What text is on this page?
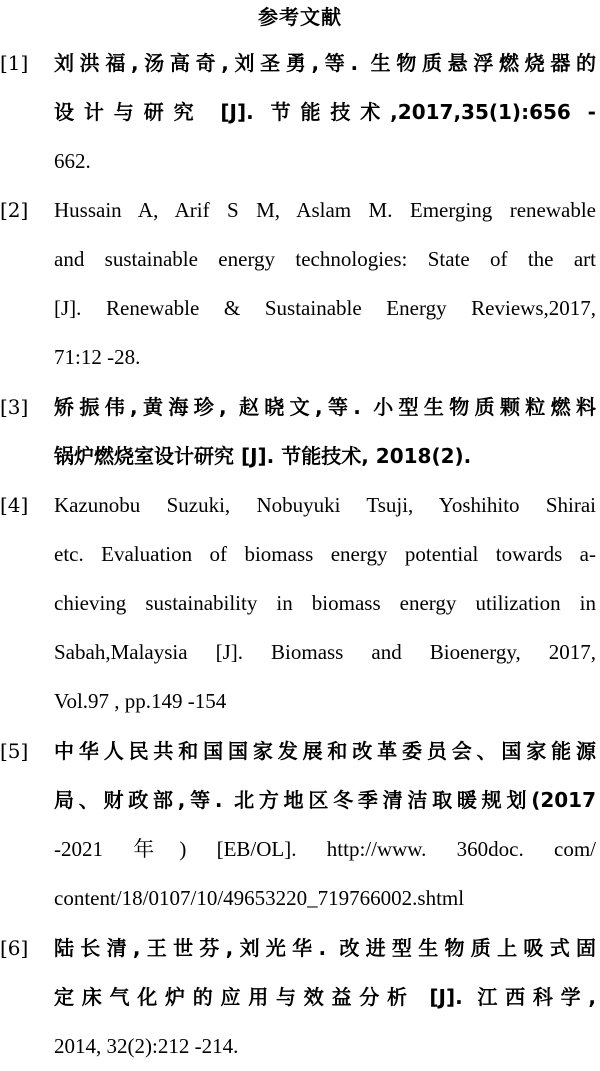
参考文献
[1] 刘洪福,汤高奇,刘圣勇,等. 生物质悬浮燃烧器的
设计与研究 [J]. 节能技术,2017,35(1):656 -
662.
[2] Hussain A, Arif S M, Aslam M. Emerging renewable
and sustainable energy technologies: State of the art
[J]. Renewable & Sustainable Energy Reviews,2017,
71:12 -28.
[3] 矫振伟,黄海珍, 赵晓文,等. 小型生物质颗粒燃料
锅炉燃烧室设计研究 [J]. 节能技术, 2018(2).
[4] Kazunobu Suzuki, Nobuyuki Tsuji, Yoshihito Shirai
etc. Evaluation of biomass energy potential towards a-
chieving sustainability in biomass energy utilization in
Sabah,Malaysia [J]. Biomass and Bioenergy, 2017,
Vol.97 , pp.149 -154
[5] 中华人民共和国国家发展和改革委员会、国家能源
局、财政部,等. 北方地区冬季清洁取暖规划(2017
-2021 年) [EB/OL]. http://www. 360doc. com/
content/18/0107/10/49653220_719766002.shtml
[6] 陆长清,王世芬,刘光华. 改进型生物质上吸式固
定床气化炉的应用与效益分析 [J]. 江西科学,
2014, 32(2):212 -214.
